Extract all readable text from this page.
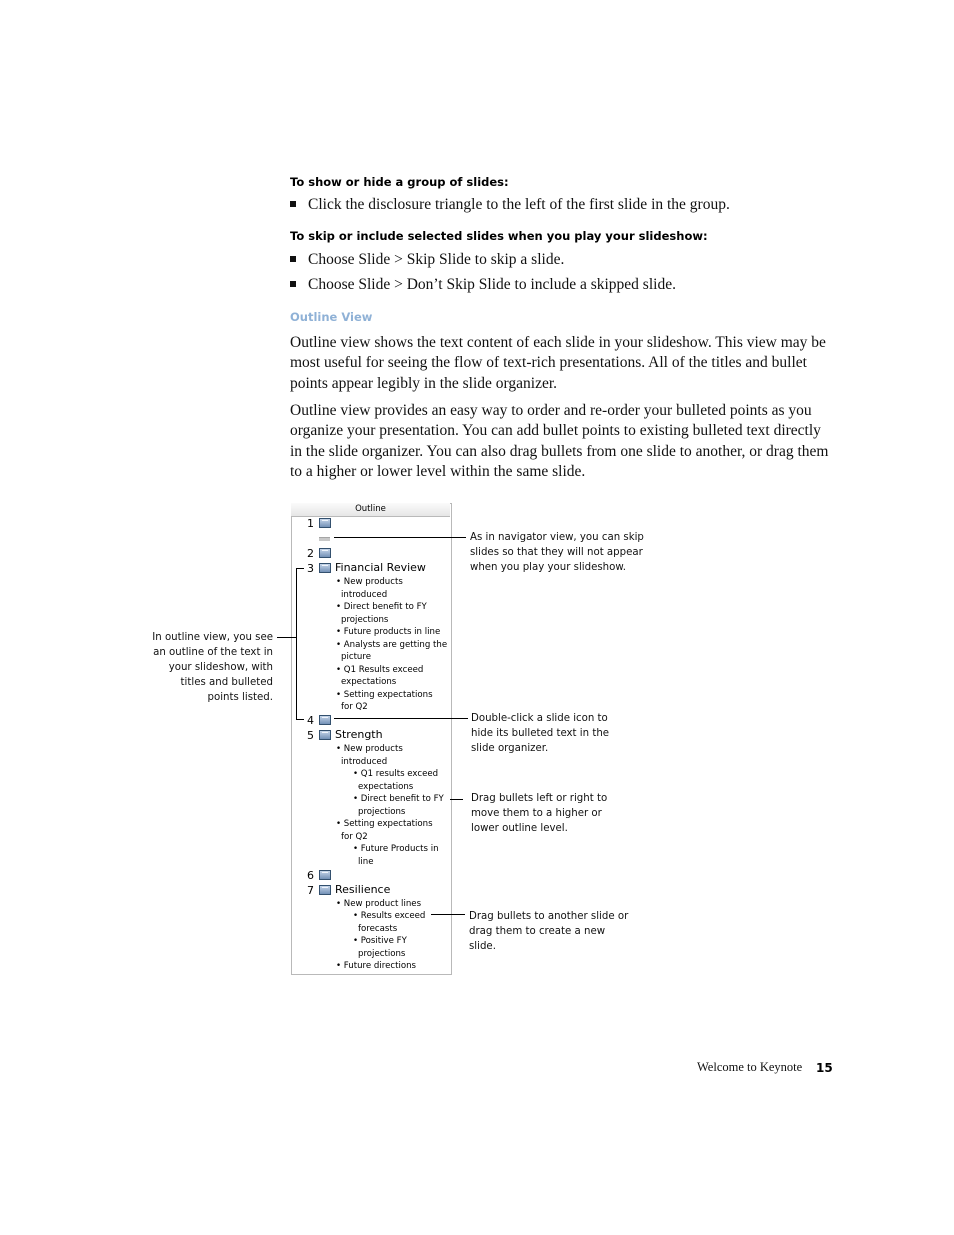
To show or hide a group of slides:
Click the disclosure triangle to the left of the first slide in the group.
To skip or include selected slides when you play your slideshow:
Choose Slide > Skip Slide to skip a slide.
Choose Slide > Don’t Skip Slide to include a skipped slide.
Outline View
Outline view shows the text content of each slide in your slideshow. This view may be most useful for seeing the flow of text-rich presentations. All of the titles and bullet points appear legibly in the slide organizer.
Outline view provides an easy way to order and re-order your bulleted points as you organize your presentation. You can add bullet points to existing bulleted text directly in the slide organizer. You can also drag bullets from one slide to another, or drag them to a higher or lower level within the same slide.
Outline
1
2
3 Financial Review
• New products
introduced
• Direct benefit to FY
projections
• Future products in line
• Analysts are getting the
picture
• Q1 Results exceed
expectations
• Setting expectations
for Q2
4
5 Strength
• New products
introduced
• Q1 results exceed
expectations
• Direct benefit to FY
projections
• Setting expectations
for Q2
• Future Products in
line
6
7 Resilience
• New product lines
• Results exceed
forecasts
• Positive FY
projections
• Future directions
As in navigator view, you can skip slides so that they will not appear when you play your slideshow.
In outline view, you see an outline of the text in your slideshow, with titles and bulleted points listed.
Double-click a slide icon to hide its bulleted text in the slide organizer.
Drag bullets left or right to move them to a higher or lower outline level.
Drag bullets to another slide or drag them to create a new slide.
Welcome to Keynote 15
